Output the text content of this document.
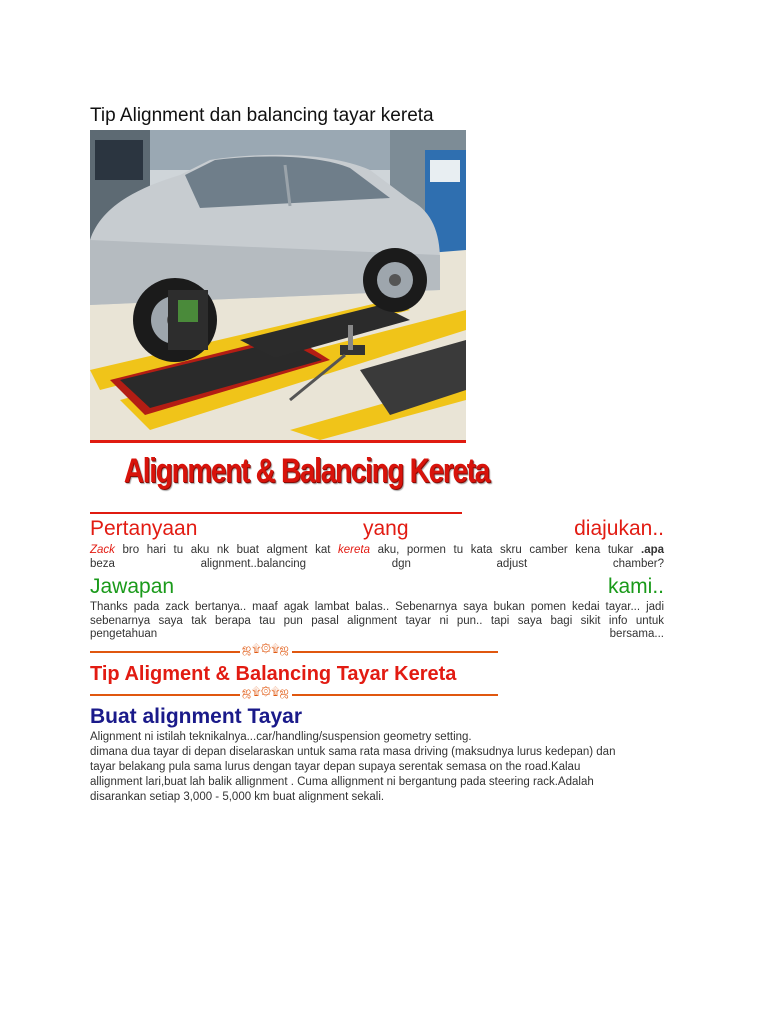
Tip Alignment dan balancing tayar kereta
Alignment & Balancing Kereta
Pertanyaan	yang	diajukan..

Zack bro hari tu aku nk buat algment kat kereta aku, pormen tu kata skru camber kena tukar .apa

beza alignment..balancing dgn adjust chamber?

Jawapan	kami..
Thanks pada zack bertanya.. maaf agak lambat balas.. Sebenarnya saya bukan pomen kedai tayar... jadi
sebenarnya saya tak berapa tau pun pasal alignment tayar ni pun.. tapi saya bagi sikit info untuk
pengetahuan bersama...
ஜ۩۞۩ஜ
Tip Aligment & Balancing Tayar Kereta
ஜ۩۞۩ஜ
Buat alignment Tayar

Alignment ni istilah teknikalnya...car/handling/suspension geometry setting.
dimana dua tayar di depan diselaraskan untuk sama rata masa driving (maksudnya lurus kedepan) dan
tayar belakang pula sama lurus dengan tayar depan supaya serentak semasa on the road.Kalau
allignment lari,buat lah balik allignment . Cuma allignment ni bergantung pada steering rack.Adalah
disarankan setiap 3,000 - 5,000 km buat alignment sekali.
